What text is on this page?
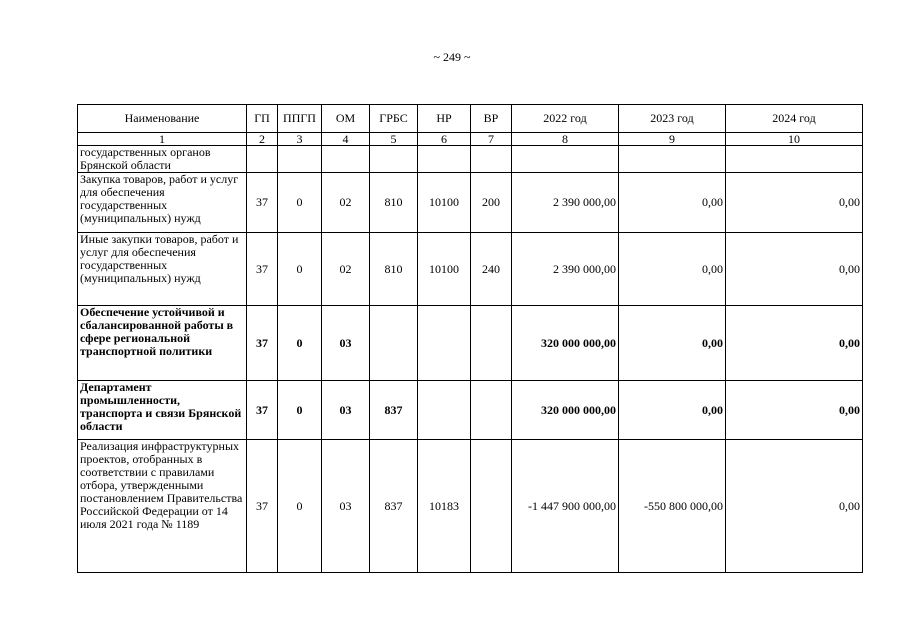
~ 249 ~
Наименование	ГП	ППГП	ОМ	ГРБС	НР	ВР	2022 год	2023 год	2024 год
1	2	3	4	5	6	7	8	9	10
государственных органов Брянской области									
Закупка товаров, работ и услуг для обеспечения государственных (муниципальных) нужд	37	0	02	810	10100	200	2 390 000,00	0,00	0,00
Иные закупки товаров, работ и услуг для обеспечения государственных (муниципальных) нужд	37	0	02	810	10100	240	2 390 000,00	0,00	0,00
Обеспечение устойчивой и сбалансированной работы в сфере региональной транспортной политики	37	0	03				320 000 000,00	0,00	0,00
Департамент промышленности, транспорта и связи Брянской области	37	0	03	837			320 000 000,00	0,00	0,00
Реализация инфраструктурных проектов, отобранных в соответствии с правилами отбора, утвержденными постановлением Правительства Российской Федерации от 14 июля 2021 года № 1189	37	0	03	837	10183		-1 447 900 000,00	-550 800 000,00	0,00
